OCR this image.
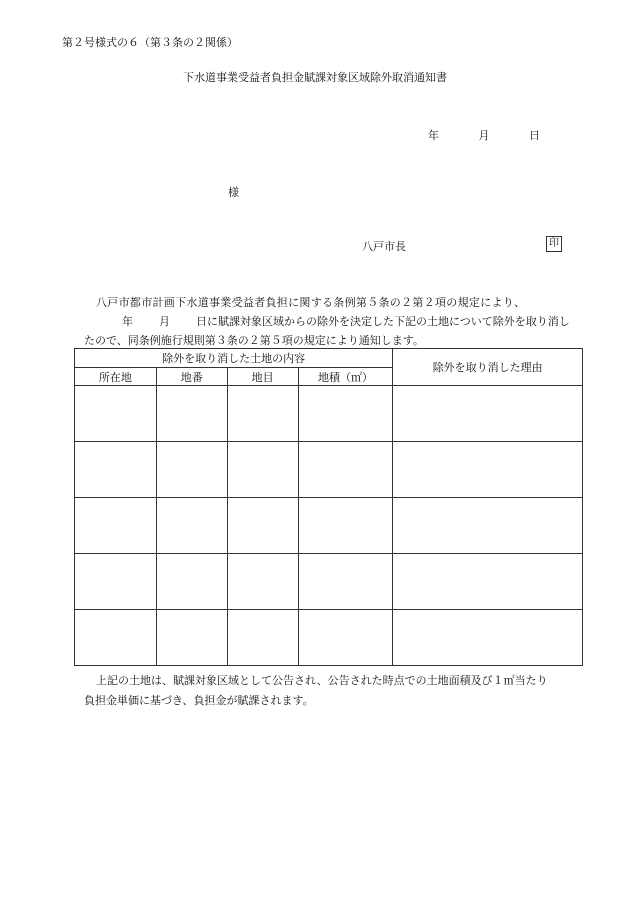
第２号様式の６（第３条の２関係）
下水道事業受益者負担金賦課対象区域除外取消通知書
年	月	日
様
八戸市長	印
八戸市都市計画下水道事業受益者負担に関する条例第５条の２第２項の規定により、
年 月 日に賦課対象区域からの除外を決定した下記の土地について除外を取り消し
たので、同条例施行規則第３条の２第５項の規定により通知します。
除外を取り消した土地の内容				除外を取り消した理由
所在地	地番	地目	地積（㎡）	

上記の土地は、賦課対象区域として公告され、公告された時点での土地面積及び１㎡当たり
負担金単価に基づき、負担金が賦課されます。
